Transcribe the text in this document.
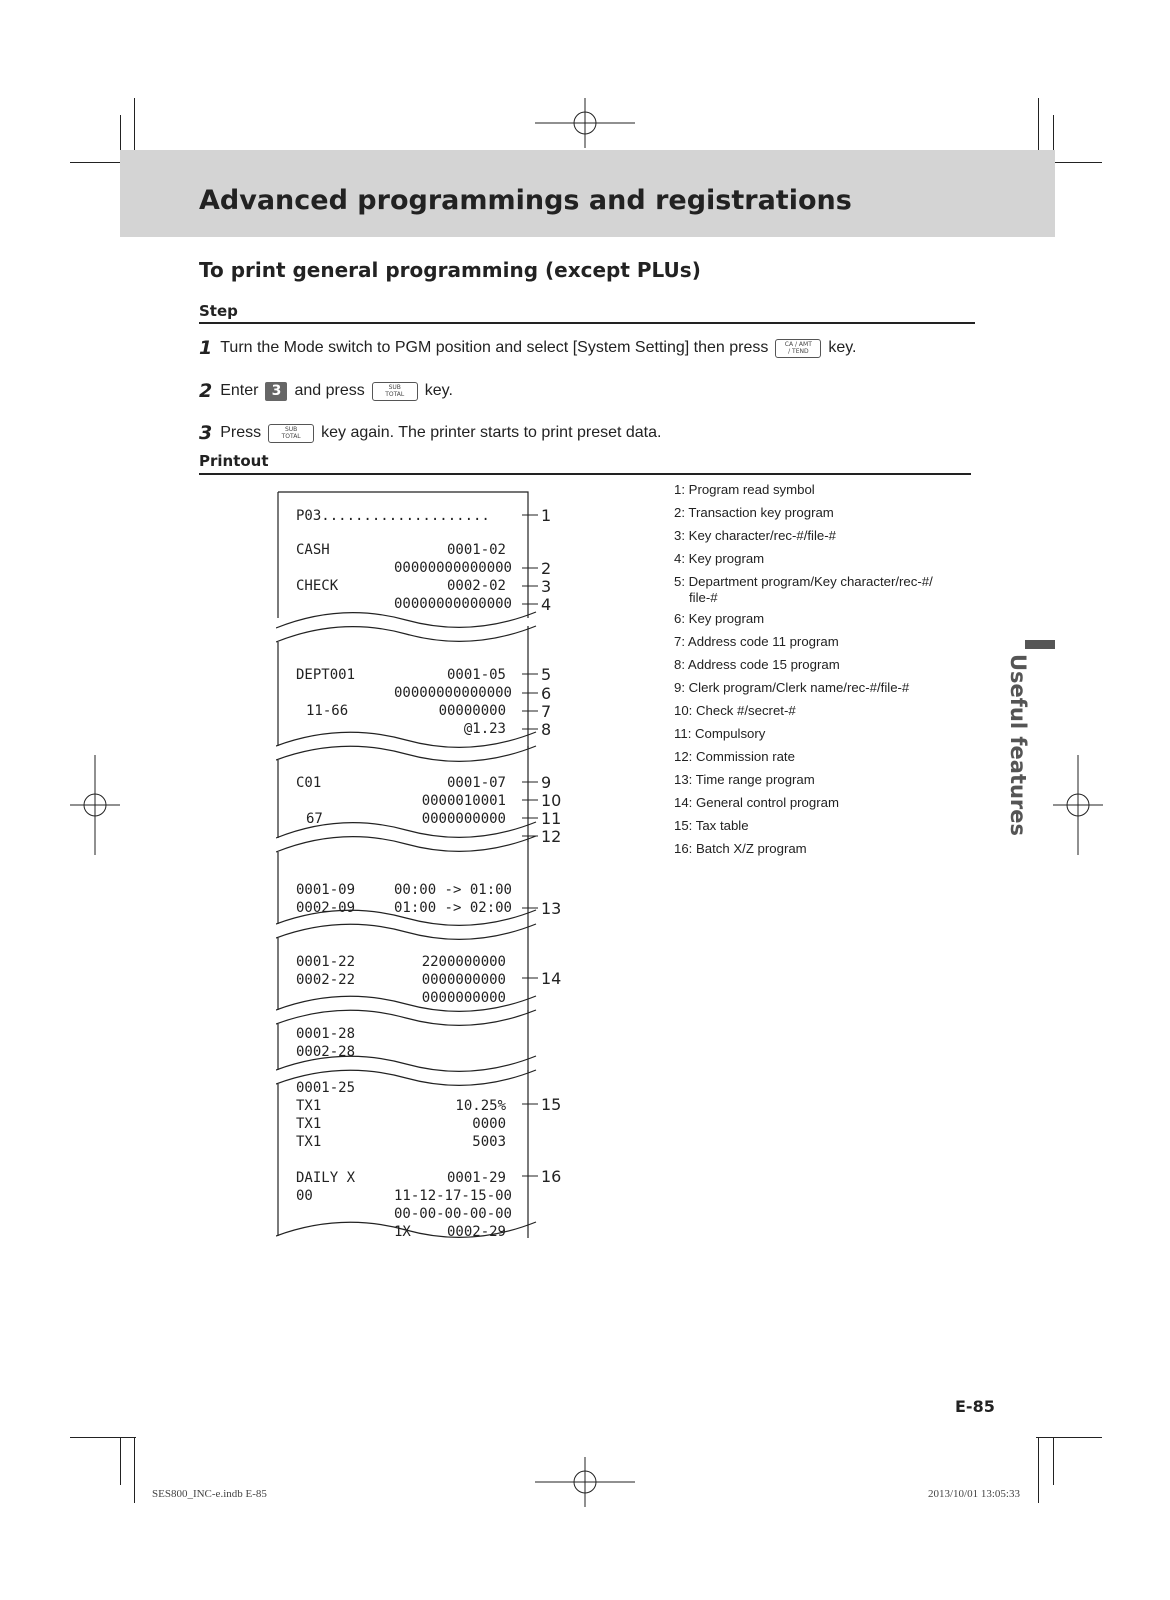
Advanced programmings and registrations
To print general programming (except PLUs)
Step
1 Turn the Mode switch to PGM position and select [System Setting] then press	CA / AMT
/ TEND key.
2 Enter 3 and press	SUB
TOTAL key.
3 Press	SUB
TOTAL key again. The printer starts to print preset data.
Printout
P03....................
CASH	0001-02
00000000000000
CHECK	0002-02
00000000000000
DEPT001	0001-05
00000000000000
11-66	00000000
@1.23
C01	0001-07
0000010001
67	0000000000
0001-09	00:00 -> 01:00
0002-09	01:00 -> 02:00
0001-22	2200000000
0002-22	0000000000
0000000000
0001-28
0002-28
0001-25
TX1	10.25%
TX1	0000
TX1	5003
DAILY X	0001-29
00	11-12-17-15-00
00-00-00-00-00
1X	0002-29
1
2
3
4
5
6
7
8
9
10
11
12
13
14
15
16
1: Program read symbol
2: Transaction key program
3: Key character/rec-#/file-#
4: Key program
5: Department program/Key character/rec-#/
file-#
6: Key program
7: Address code 11 program
8: Address code 15 program
9: Clerk program/Clerk name/rec-#/file-#
10: Check #/secret-#
11: Compulsory
12: Commission rate
13: Time range program
14: General control program
15: Tax table
16: Batch X/Z program
Useful features
E-85
SES800_INC-e.indb E-85	2013/10/01 13:05:33
